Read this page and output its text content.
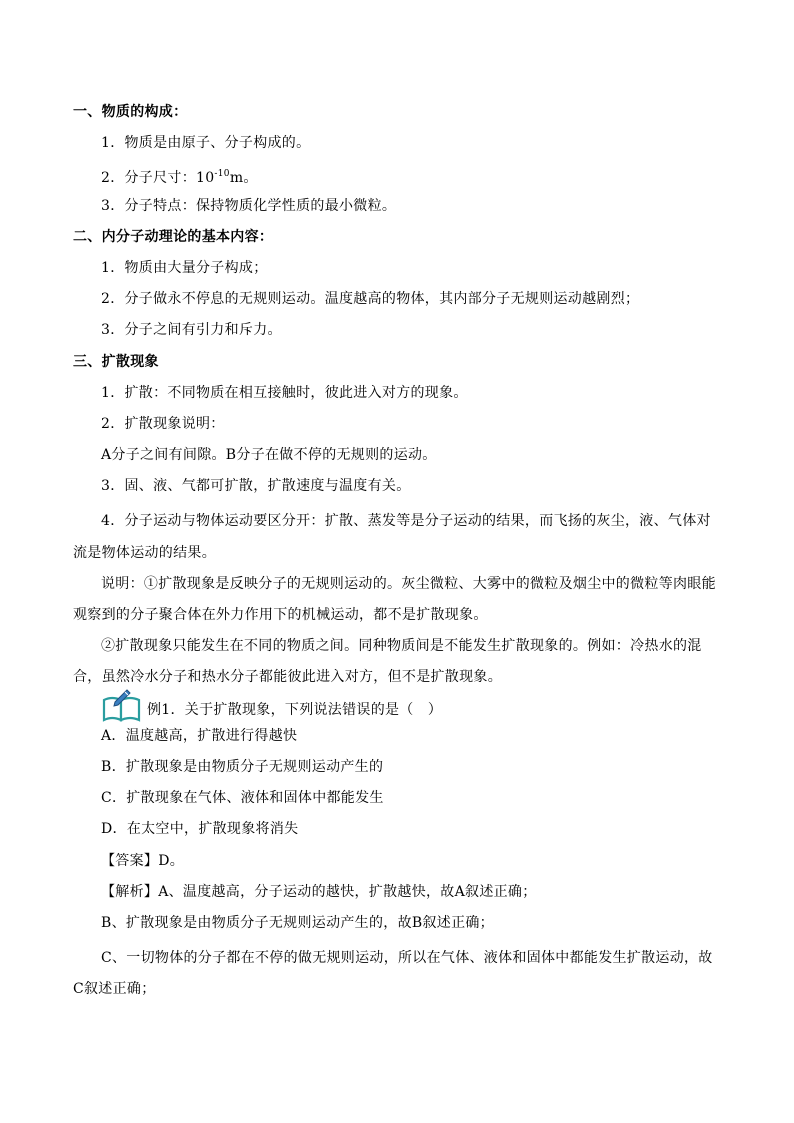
一、物质的构成：
1．物质是由原子、分子构成的。
2．分子尺寸：$10^{-10}m$。
3．分子特点：保持物质化学性质的最小微粒。
二、内分子动理论的基本内容：
1．物质由大量分子构成；
2．分子做永不停息的无规则运动。温度越高的物体，其内部分子无规则运动越剧烈；
3．分子之间有引力和斥力。
三、扩散现象
1．扩散：不同物质在相互接触时，彼此进入对方的现象。
2．扩散现象说明：
A分子之间有间隙。B分子在做不停的无规则的运动。
3．固、液、气都可扩散，扩散速度与温度有关。
4．分子运动与物体运动要区分开：扩散、蒸发等是分子运动的结果，而飞扬的灰尘，液、气体对流是物体运动的结果。
说明：①扩散现象是反映分子的无规则运动的。灰尘微粒、大雾中的微粒及烟尘中的微粒等肉眼能观察到的分子聚合体在外力作用下的机械运动，都不是扩散现象。
②扩散现象只能发生在不同的物质之间。同种物质间是不能发生扩散现象的。例如：冷热水的混合，虽然冷水分子和热水分子都能彼此进入对方，但不是扩散现象。
例1．关于扩散现象，下列说法错误的是（　）
A．温度越高，扩散进行得越快
B．扩散现象是由物质分子无规则运动产生的
C．扩散现象在气体、液体和固体中都能发生
D．在太空中，扩散现象将消失
【答案】D。
【解析】A、温度越高，分子运动的越快，扩散越快，故A叙述正确；
B、扩散现象是由物质分子无规则运动产生的，故B叙述正确；
C、一切物体的分子都在不停的做无规则运动，所以在气体、液体和固体中都能发生扩散运动，故C叙述正确；
